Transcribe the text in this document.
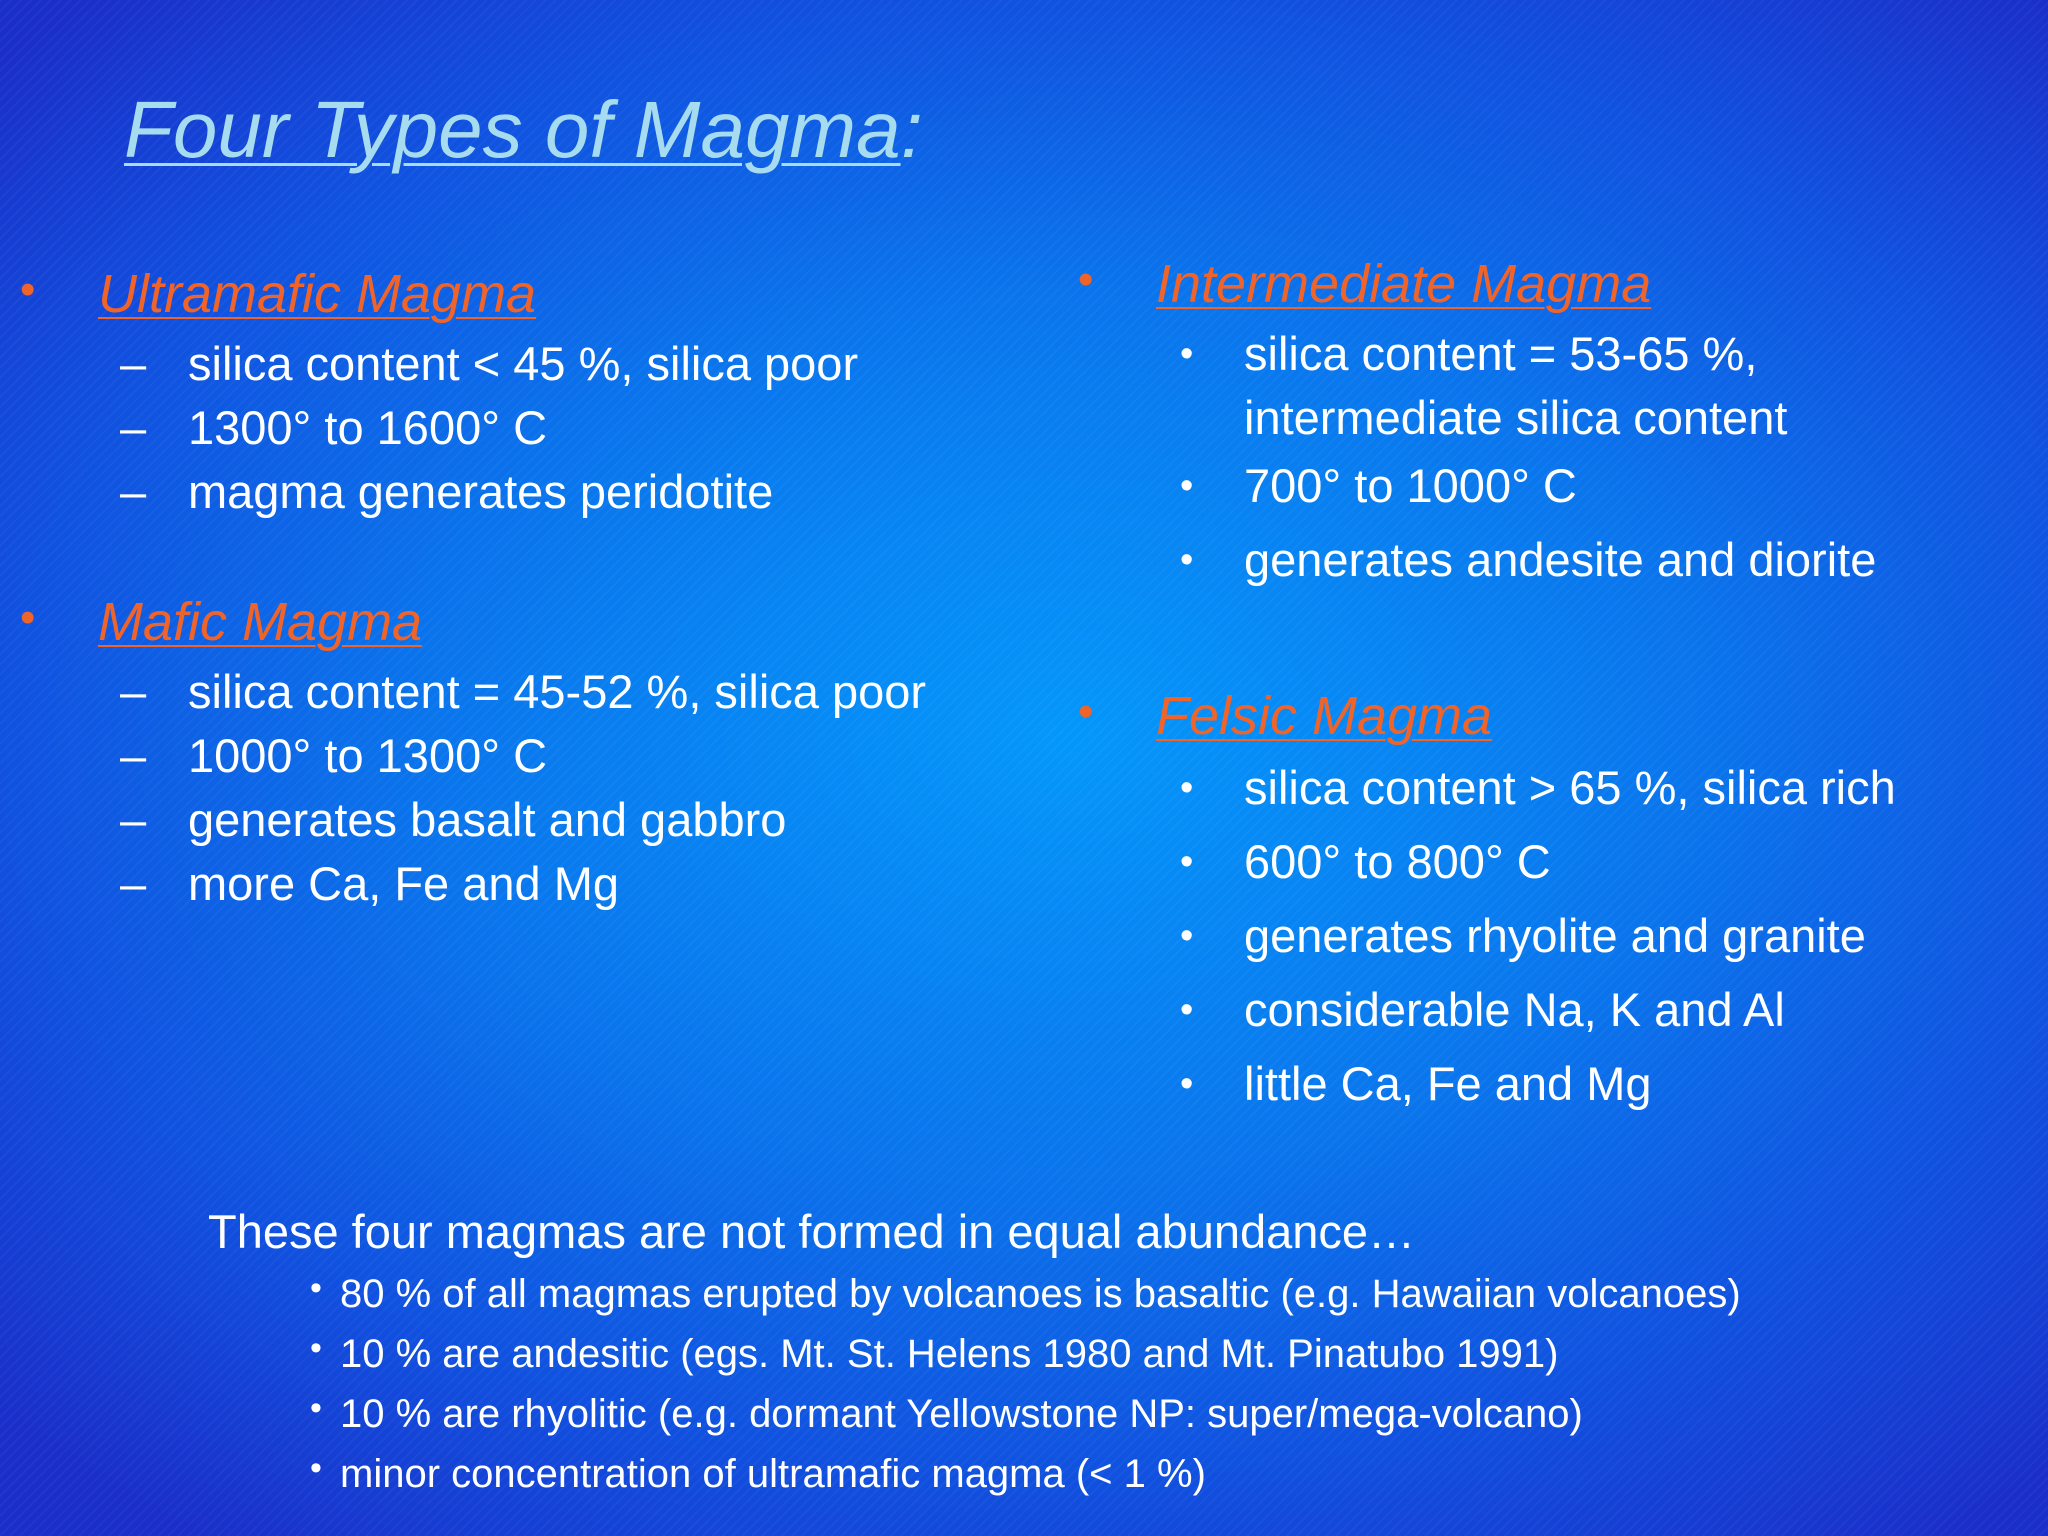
Four Types of Magma:
• Ultramafic Magma
– silica content < 45 %, silica poor
– 1300° to 1600° C
– magma generates peridotite
• Mafic Magma
– silica content = 45-52 %, silica poor
– 1000° to 1300° C
– generates basalt and gabbro
– more Ca, Fe and Mg
• Intermediate Magma
• silica content = 53-65 %,
intermediate silica content
• 700° to 1000° C
• generates andesite and diorite
• Felsic Magma
• silica content > 65 %, silica rich
• 600° to 800° C
• generates rhyolite and granite
• considerable Na, K and Al
• little Ca, Fe and Mg
These four magmas are not formed in equal abundance…
• 80 % of all magmas erupted by volcanoes is basaltic (e.g. Hawaiian volcanoes)
• 10 % are andesitic (egs. Mt. St. Helens 1980 and Mt. Pinatubo 1991)
• 10 % are rhyolitic (e.g. dormant Yellowstone NP: super/mega-volcano)
• minor concentration of ultramafic magma (< 1 %)
